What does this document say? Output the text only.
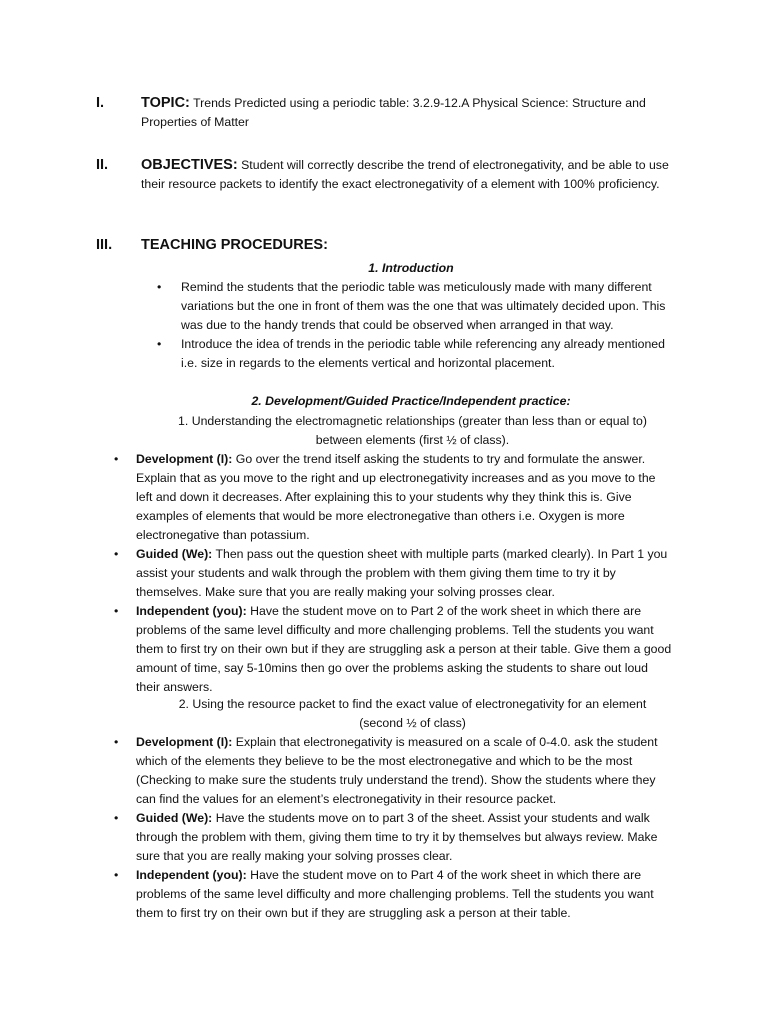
I.	TOPIC: Trends Predicted using a periodic table: 3.2.9-12.A Physical Science: Structure and Properties of Matter
II. OBJECTIVES: Student will correctly describe the trend of electronegativity, and be able to use their resource packets to identify the exact electronegativity of a element with 100% proficiency.
III. TEACHING PROCEDURES:
1. Introduction

• Remind the students that the periodic table was meticulously made with many different variations but the one in front of them was the one that was ultimately decided upon. This was due to the handy trends that could be observed when arranged in that way.

• Introduce the idea of trends in the periodic table while referencing any already mentioned i.e. size in regards to the elements vertical and horizontal placement.

2. Development/Guided Practice/Independent practice:
1. Understanding the electromagnetic relationships (greater than less than or equal to) between elements (first ½ of class).

• Development (I): Go over the trend itself asking the students to try and formulate the answer. Explain that as you move to the right and up electronegativity increases and as you move to the left and down it decreases. After explaining this to your students why they think this is. Give examples of elements that would be more electronegative than others i.e. Oxygen is more electronegative than potassium.

• Guided (We): Then pass out the question sheet with multiple parts (marked clearly). In Part 1 you assist your students and walk through the problem with them giving them time to try it by themselves. Make sure that you are really making your solving prosses clear.

• Independent (you): Have the student move on to Part 2 of the work sheet in which there are problems of the same level difficulty and more challenging problems. Tell the students you want them to first try on their own but if they are struggling ask a person at their table. Give them a good amount of time, say 5-10mins then go over the problems asking the students to share out loud their answers.

2. Using the resource packet to find the exact value of electronegativity for an element (second ½ of class)

• Development (I): Explain that electronegativity is measured on a scale of 0-4.0. ask the student which of the elements they believe to be the most electronegative and which to be the most (Checking to make sure the students truly understand the trend). Show the students where they can find the values for an element’s electronegativity in their resource packet.

• Guided (We): Have the students move on to part 3 of the sheet. Assist your students and walk through the problem with them, giving them time to try it by themselves but always review. Make sure that you are really making your solving prosses clear.

• Independent (you): Have the student move on to Part 4 of the work sheet in which there are problems of the same level difficulty and more challenging problems. Tell the students you want them to first try on their own but if they are struggling ask a person at their table.
